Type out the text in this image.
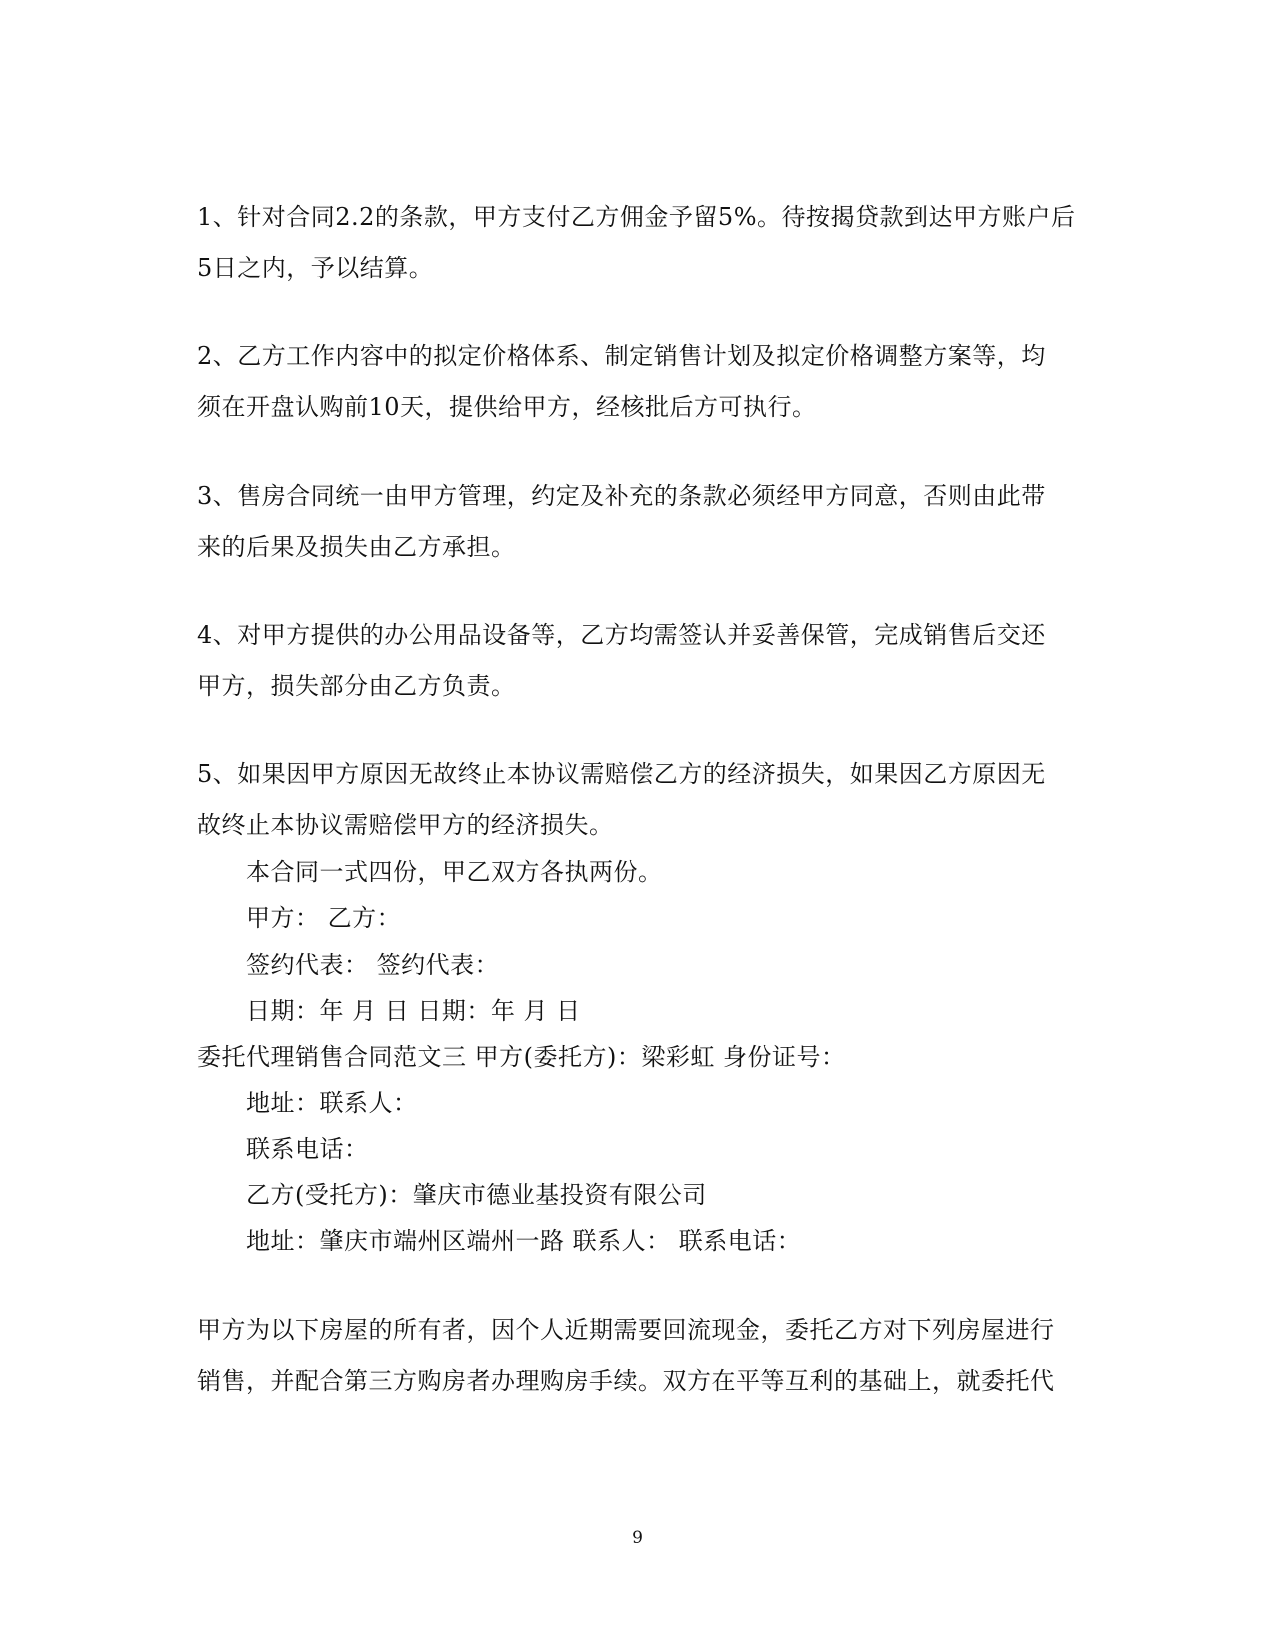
1、针对合同2.2的条款，甲方支付乙方佣金予留5%。待按揭贷款到达甲方账户后
5日之内，予以结算。
2、乙方工作内容中的拟定价格体系、制定销售计划及拟定价格调整方案等，均
须在开盘认购前10天，提供给甲方，经核批后方可执行。
3、售房合同统一由甲方管理，约定及补充的条款必须经甲方同意，否则由此带
来的后果及损失由乙方承担。
4、对甲方提供的办公用品设备等，乙方均需签认并妥善保管，完成销售后交还
甲方，损失部分由乙方负责。
5、如果因甲方原因无故终止本协议需赔偿乙方的经济损失，如果因乙方原因无
故终止本协议需赔偿甲方的经济损失。
本合同一式四份，甲乙双方各执两份。
甲方： 乙方：
签约代表： 签约代表：
日期：年 月 日 日期：年 月 日
委托代理销售合同范文三 甲方(委托方)：梁彩虹 身份证号：
地址：联系人：
联系电话：
乙方(受托方)：肇庆市德业基投资有限公司
地址：肇庆市端州区端州一路 联系人： 联系电话：
甲方为以下房屋的所有者，因个人近期需要回流现金，委托乙方对下列房屋进行
销售，并配合第三方购房者办理购房手续。双方在平等互利的基础上，就委托代
9
